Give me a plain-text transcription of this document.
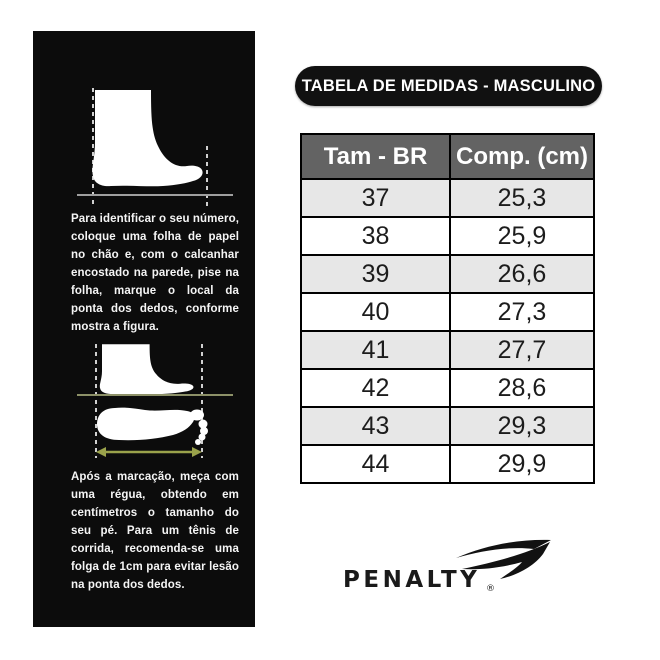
Para identificar o seu número, coloque uma folha de papel no chão e, com o calcanhar encostado na parede, pise na folha, marque o local da ponta dos dedos, conforme mostra a figura.

Após a marcação, meça com uma régua, obtendo em centímetros o tamanho do seu pé. Para um tênis de corrida, recomenda-se uma folga de 1cm para evitar lesão na ponta dos dedos.

TABELA DE MEDIDAS - MASCULINO
Tam - BR	Comp. (cm)
37	25,3
38	25,9
39	26,6
40	27,3
41	27,7
42	28,6
43	29,3
44	29,9
PENALTY ®
